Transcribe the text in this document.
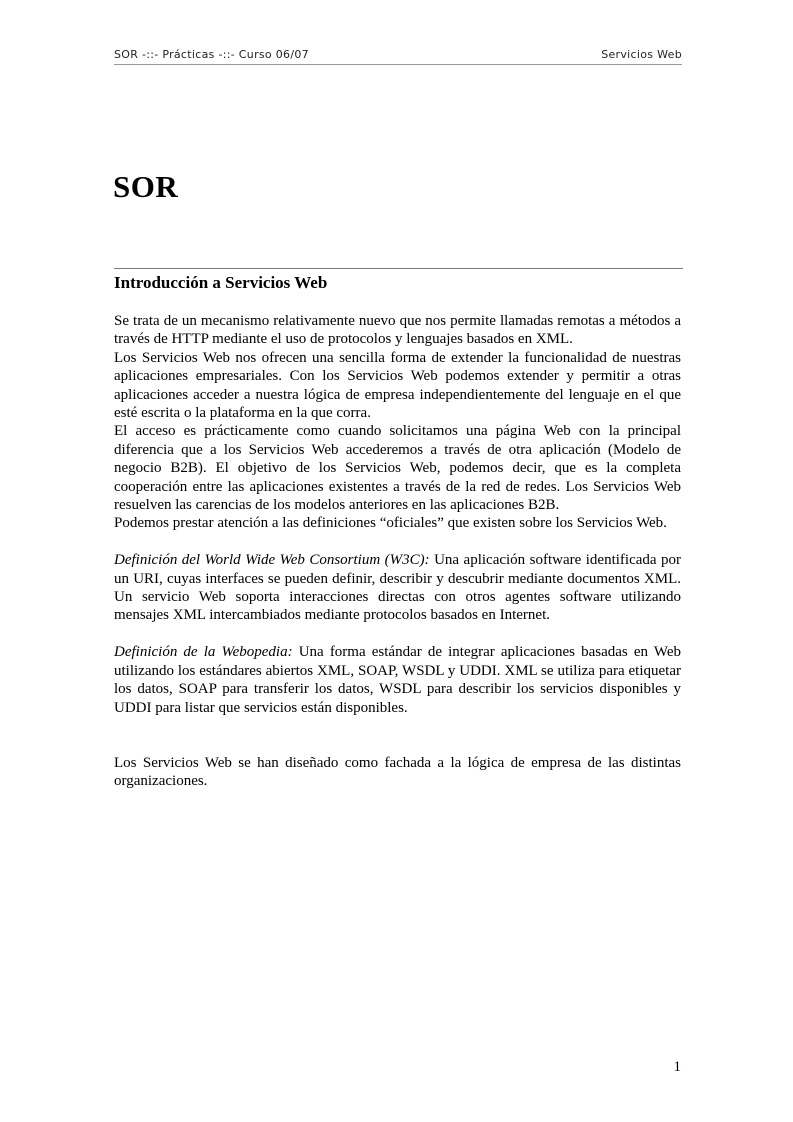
SOR -::- Prácticas -::- Curso 06/07	Servicios Web
SOR
Introducción a Servicios Web

Se trata de un mecanismo relativamente nuevo que nos permite llamadas remotas a métodos a través de HTTP mediante el uso de protocolos y lenguajes basados en XML.

Los Servicios Web nos ofrecen una sencilla forma de extender la funcionalidad de nuestras aplicaciones empresariales. Con los Servicios Web podemos extender y permitir a otras aplicaciones acceder a nuestra lógica de empresa independientemente del lenguaje en el que esté escrita o la plataforma en la que corra.

El acceso es prácticamente como cuando solicitamos una página Web con la principal diferencia que a los Servicios Web accederemos a través de otra aplicación (Modelo de negocio B2B). El objetivo de los Servicios Web, podemos decir, que es la completa cooperación entre las aplicaciones existentes a través de la red de redes. Los Servicios Web resuelven las carencias de los modelos anteriores en las aplicaciones B2B.

Podemos prestar atención a las definiciones “oficiales” que existen sobre los Servicios Web.

Definición del World Wide Web Consortium (W3C): Una aplicación software identificada por un URI, cuyas interfaces se pueden definir, describir y descubrir mediante documentos XML. Un servicio Web soporta interacciones directas con otros agentes software utilizando mensajes XML intercambiados mediante protocolos basados en Internet.

Definición de la Webopedia: Una forma estándar de integrar aplicaciones basadas en Web utilizando los estándares abiertos XML, SOAP, WSDL y UDDI. XML se utiliza para etiquetar los datos, SOAP para transferir los datos, WSDL para describir los servicios disponibles y UDDI para listar que servicios están disponibles.

Los Servicios Web se han diseñado como fachada a la lógica de empresa de las distintas organizaciones.

1
